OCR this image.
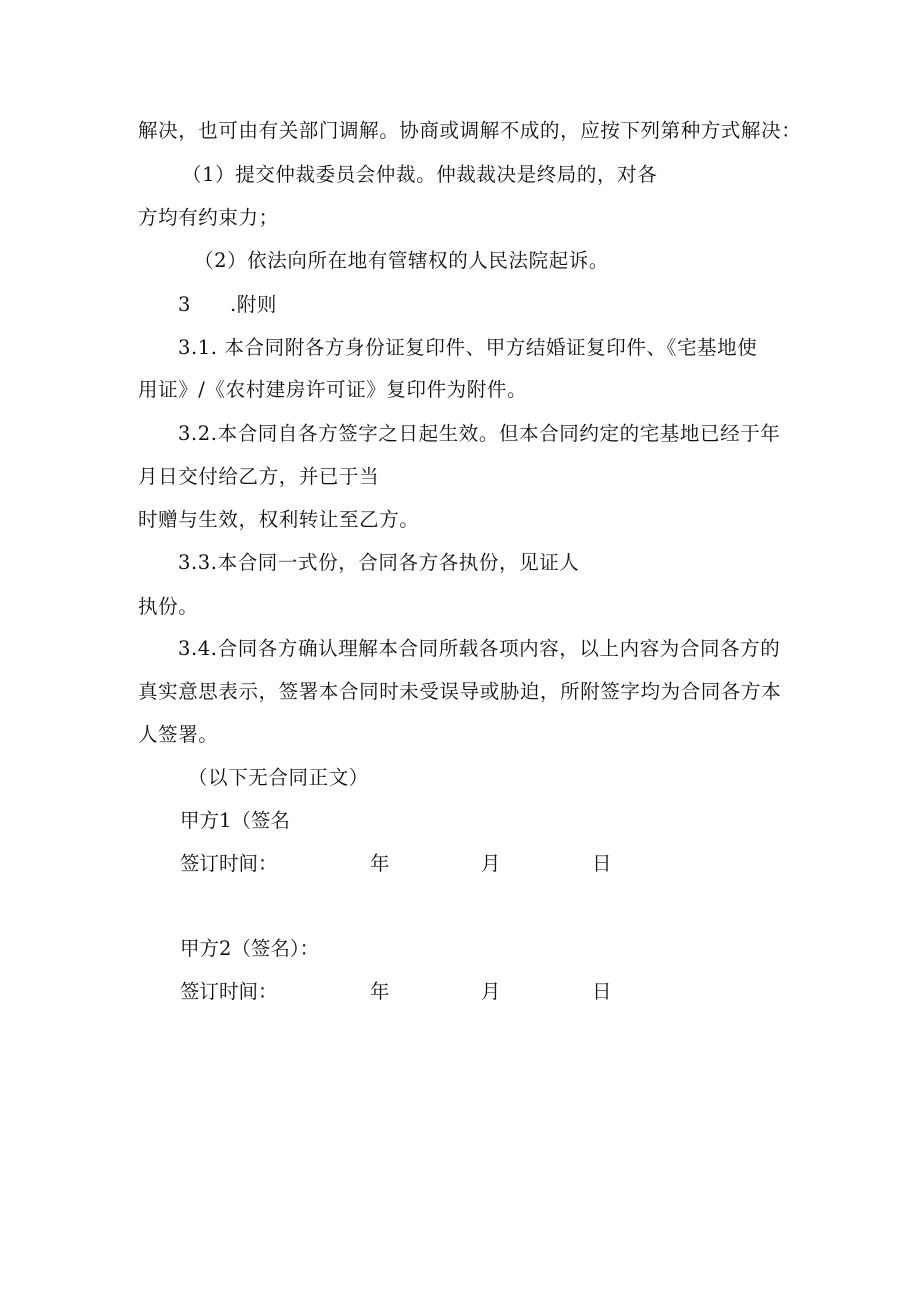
解决，也可由有关部门调解。协商或调解不成的，应按下列第种方式解决：
（1）提交仲裁委员会仲裁。仲裁裁决是终局的，对各
方均有约束力；
（2）依法向所在地有管辖权的人民法院起诉。
3 .附则
3.1. 本合同附各方身份证复印件、甲方结婚证复印件、《宅基地使
用证》/《农村建房许可证》复印件为附件。
3.2.本合同自各方签字之日起生效。但本合同约定的宅基地已经于年
月日交付给乙方，并已于当
时赠与生效，权利转让至乙方。
3.3.本合同一式份，合同各方各执份，见证人
执份。
3.4.合同各方确认理解本合同所载各项内容，以上内容为合同各方的
真实意思表示，签署本合同时未受误导或胁迫，所附签字均为合同各方本
人签署。
（以下无合同正文）
甲方1（签名
签订时间：	年	月	日
甲方2（签名）：
签订时间：	年	月	日
